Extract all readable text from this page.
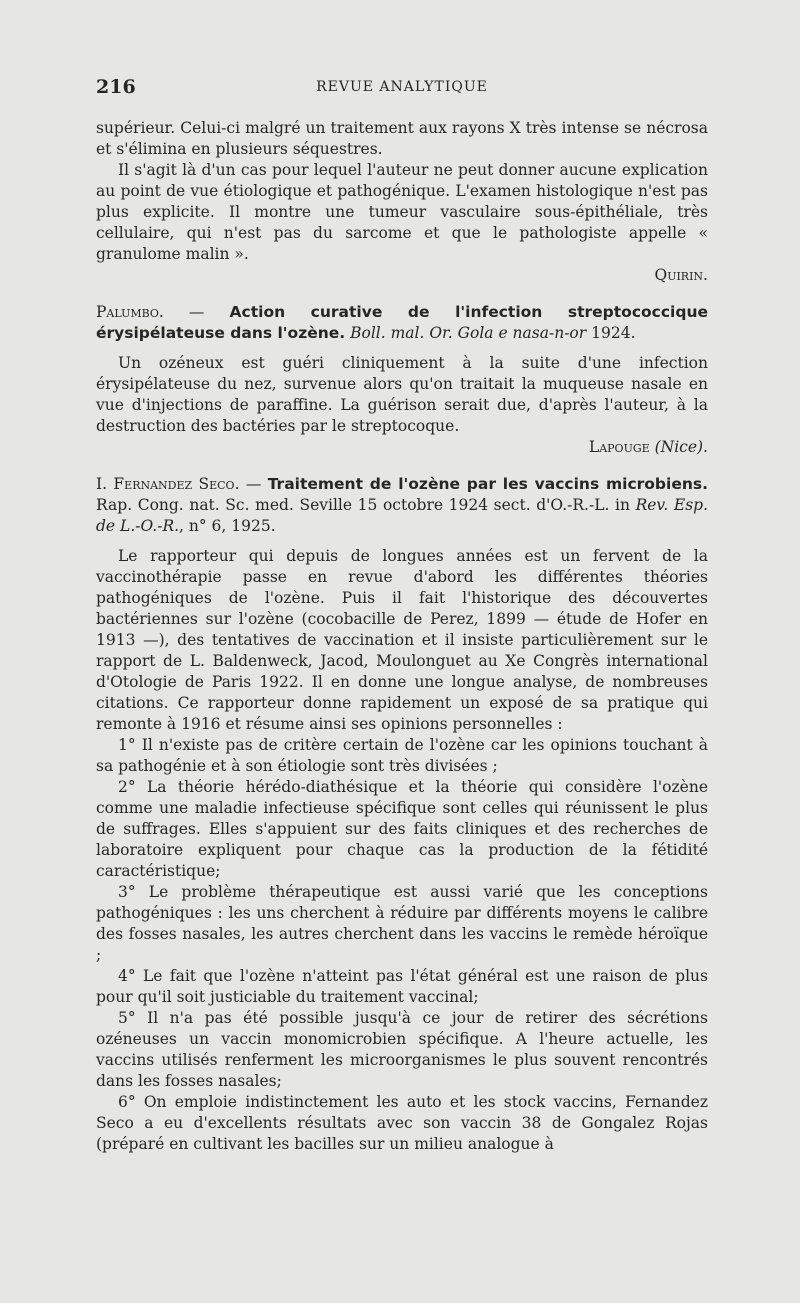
216	REVUE ANALYTIQUE

supérieur. Celui-ci malgré un traitement aux rayons X très intense se nécrosa et s'élimina en plusieurs séquestres.

Il s'agit là d'un cas pour lequel l'auteur ne peut donner aucune explication au point de vue étiologique et pathogénique. L'examen histologique n'est pas plus explicite. Il montre une tumeur vasculaire sous-épithéliale, très cellulaire, qui n'est pas du sarcome et que le pathologiste appelle « granulome malin ».

Quirin.

Palumbo. — Action curative de l'infection streptococcique érysipélateuse dans l'ozène. Boll. mal. Or. Gola e nasa-n-or 1924.

Un ozéneux est guéri cliniquement à la suite d'une infection érysipélateuse du nez, survenue alors qu'on traitait la muqueuse nasale en vue d'injections de paraffine. La guérison serait due, d'après l'auteur, à la destruction des bactéries par le streptocoque.

Lapouge (Nice).

I. Fernandez Seco. — Traitement de l'ozène par les vaccins microbiens. Rap. Cong. nat. Sc. med. Seville 15 octobre 1924 sect. d'O.-R.-L. in Rev. Esp. de L.-O.-R., n° 6, 1925.

Le rapporteur qui depuis de longues années est un fervent de la vaccinothérapie passe en revue d'abord les différentes théories pathogéniques de l'ozène. Puis il fait l'historique des découvertes bactériennes sur l'ozène (cocobacille de Perez, 1899 — étude de Hofer en 1913 —), des tentatives de vaccination et il insiste particulièrement sur le rapport de L. Baldenweck, Jacod, Moulonguet au Xe Congrès international d'Otologie de Paris 1922. Il en donne une longue analyse, de nombreuses citations. Ce rapporteur donne rapidement un exposé de sa pratique qui remonte à 1916 et résume ainsi ses opinions personnelles :

1° Il n'existe pas de critère certain de l'ozène car les opinions touchant à sa pathogénie et à son étiologie sont très divisées ;

2° La théorie hérédo-diathésique et la théorie qui considère l'ozène comme une maladie infectieuse spécifique sont celles qui réunissent le plus de suffrages. Elles s'appuient sur des faits cliniques et des recherches de laboratoire expliquent pour chaque cas la production de la fétidité caractéristique;

3° Le problème thérapeutique est aussi varié que les conceptions pathogéniques : les uns cherchent à réduire par différents moyens le calibre des fosses nasales, les autres cherchent dans les vaccins le remède héroïque ;

4° Le fait que l'ozène n'atteint pas l'état général est une raison de plus pour qu'il soit justiciable du traitement vaccinal;

5° Il n'a pas été possible jusqu'à ce jour de retirer des sécrétions ozéneuses un vaccin monomicrobien spécifique. A l'heure actuelle, les vaccins utilisés renferment les microorganismes le plus souvent rencontrés dans les fosses nasales;

6° On emploie indistinctement les auto et les stock vaccins, Fernandez Seco a eu d'excellents résultats avec son vaccin 38 de Gongalez Rojas (préparé en cultivant les bacilles sur un milieu analogue à
